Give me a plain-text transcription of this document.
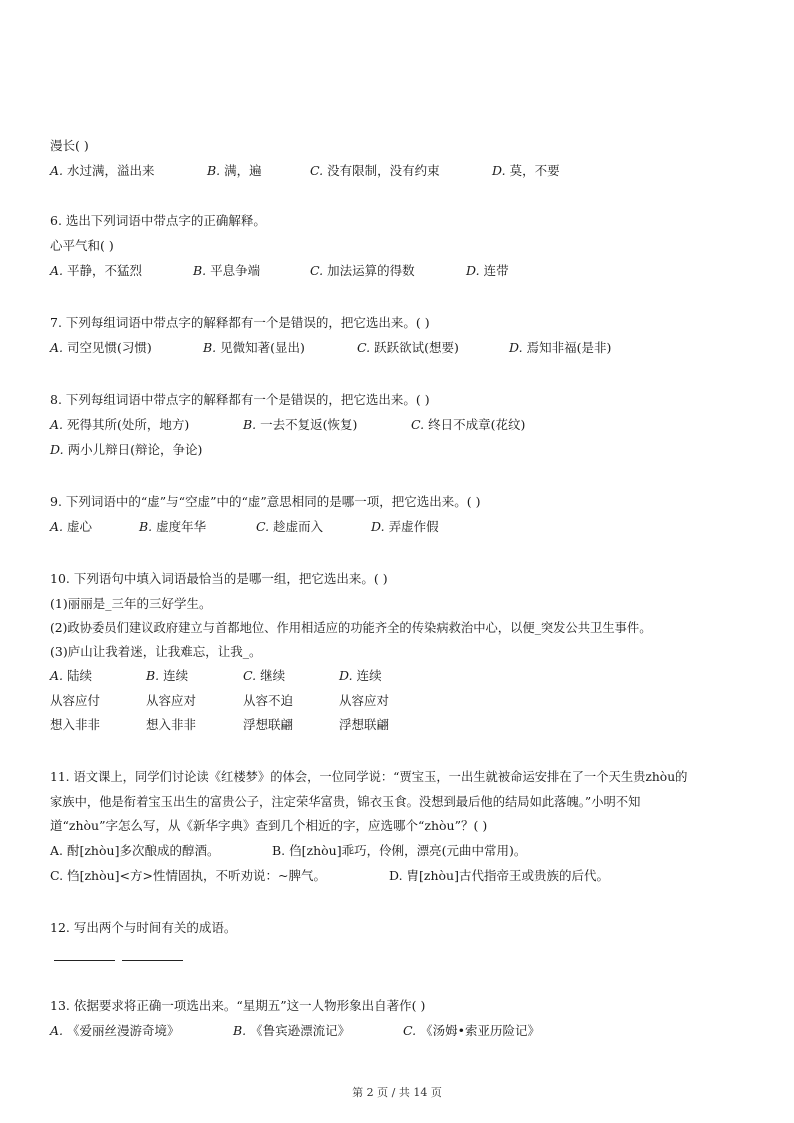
漫长( )
A. 水过满，溢出来	B. 满，遍	C. 没有限制，没有约束	D. 莫，不要
6. 选出下列词语中带点字的正确解释。
心平气和( )
A. 平静，不猛烈	B. 平息争端	C. 加法运算的得数	D. 连带
7. 下列每组词语中带点字的解释都有一个是错误的，把它选出来。( )
A. 司空见惯(习惯)	B. 见微知著(显出)	C. 跃跃欲试(想要)	D. 焉知非福(是非)
8. 下列每组词语中带点字的解释都有一个是错误的，把它选出来。( )
A. 死得其所(处所，地方)	B. 一去不复返(恢复)	C. 终日不成章(花纹)
D. 两小儿辩日(辩论，争论)
9. 下列词语中的“虚”与“空虚”中的“虚”意思相同的是哪一项，把它选出来。( )
A. 虚心	B. 虚度年华	C. 趁虚而入	D. 弄虚作假
10. 下列语句中填入词语最恰当的是哪一组，把它选出来。( )
(1)丽丽是_三年的三好学生。
(2)政协委员们建议政府建立与首都地位、作用相适应的功能齐全的传染病救治中心，以便_突发公共卫生事件。
(3)庐山让我着迷，让我难忘，让我_。
A. 陆续	B. 连续	C. 继续	D. 连续
从容应付	从容应对	从容不迫	从容应对
想入非非	想入非非	浮想联翩	浮想联翩
11. 语文课上，同学们讨论读《红楼梦》的体会，一位同学说：“贾宝玉，一出生就被命运安排在了一个天生贵zhòu的
家族中，他是衔着宝玉出生的富贵公子，注定荣华富贵，锦衣玉食。没想到最后他的结局如此落魄。”小明不知
道“zhòu”字怎么写，从《新华字典》查到几个相近的字，应选哪个“zhòu”？( )
A. 酎[zhòu]多次酿成的醇酒。	B. 㑇[zhòu]乖巧，伶俐，漂亮(元曲中常用)。
C. 㤘[zhòu]<方>性情固执，不听劝说：~脾气。	D. 胄[zhòu]古代指帝王或贵族的后代。
12. 写出两个与时间有关的成语。
13. 依据要求将正确一项选出来。“星期五”这一人物形象出自著作( )
A. 《爱丽丝漫游奇境》	B. 《鲁宾逊漂流记》	C. 《汤姆•索亚历险记》
第 2 页 / 共 14 页
